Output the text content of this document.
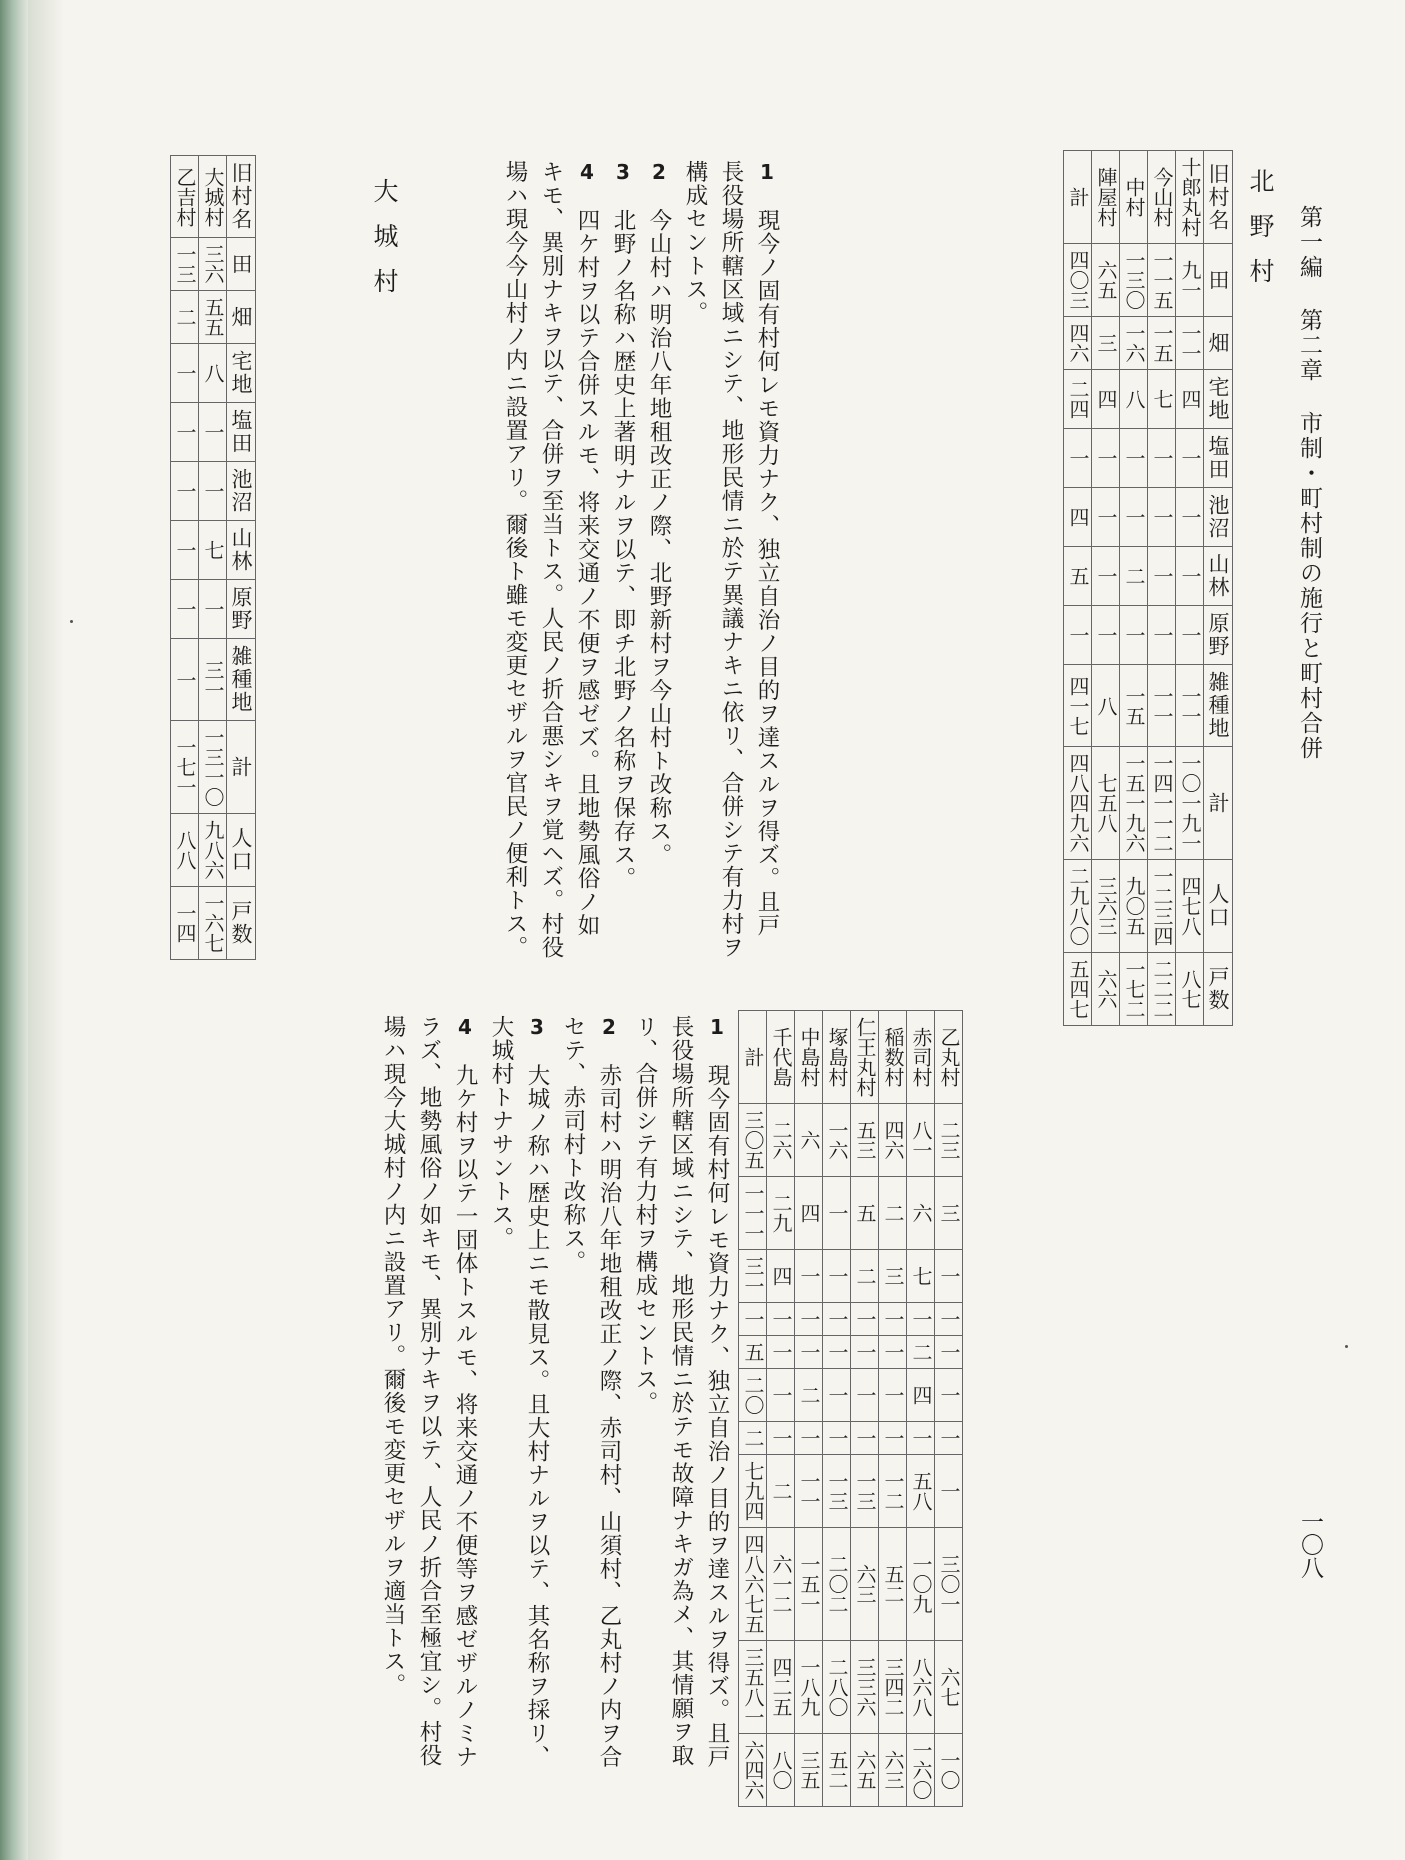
第一編 第二章 市制・町村制の施行と町村合併
一〇八
北野村
旧村名	田	畑	宅地	塩田	池沼	山林	原野	雑種地	計	人口	戸数
十郎丸村	九一	一一	四	一	一	一	一	一一	一〇一九一	四七八	八七
今山村	一一五	一五	七	一	一	一	一	一一	一四一一二	一二三四	二二二
中村	一三〇	一六	八	一	一	二	一	一五	一五一九六	九〇五	一七二
陣屋村	六五	三	四	一	一	一	一	八	七五八	三六三	六六
計	四〇三	四六	二四	一	四	五	一	四一七	四八四九六	二九八〇	五四七

1　現今ノ固有村何レモ資力ナク、独立自治ノ目的ヲ達スルヲ得ズ。且戸長役場所轄区域ニシテ、地形民情ニ於テ異議ナキニ依リ、合併シテ有力村ヲ構成セントス。

2　今山村ハ明治八年地租改正ノ際、北野新村ヲ今山村ト改称ス。

3　北野ノ名称ハ歴史上著明ナルヲ以テ、即チ北野ノ名称ヲ保存ス。

4　四ケ村ヲ以テ合併スルモ、将来交通ノ不便ヲ感ゼズ。且地勢風俗ノ如キモ、異別ナキヲ以テ、合併ヲ至当トス。人民ノ折合悪シキヲ覚ヘズ。村役場ハ現今今山村ノ内ニ設置アリ。爾後ト雖モ変更セザルヲ官民ノ便利トス。

大城村
旧村名	田	畑	宅地	塩田	池沼	山林	原野	雑種地	計	人口	戸数
大城村	三六	五五	八	一	一	七	一	三一	一三一〇	九八六	一六七
乙吉村	一三	二	一	一	一	一	一	一	一七一	八八	一四
乙丸村	二三	三	一	一	一	一	一	一	三〇一	六七	一〇
赤司村	八一	六	七	一	二	四	一	五八	一〇九	八六八	一六〇
稲数村	四六	二	三	一	一	一	一	一二	五二	三四二	六三
仁王丸村	五三	五	二	一	一	一	一	一三	六三	三三六	六五
塚島村	一六	一	一	一	一	一	一	一三	二〇二	二八〇	五二
中島村	六	四	一	一	一	二	一	一一	一五一	一八九	三五
千代島	二六	二九	四	一	一	一	一	二	六一二	四二五	八〇
計	三〇五	一一一	三一	一	五	二〇	二	七九四	四八六七五	三五八一	六四六

1　現今固有村何レモ資力ナク、独立自治ノ目的ヲ達スルヲ得ズ。且戸長役場所轄区域ニシテ、地形民情ニ於テモ故障ナキガ為メ、其情願ヲ取リ、合併シテ有力村ヲ構成セントス。

2　赤司村ハ明治八年地租改正ノ際、赤司村、山須村、乙丸村ノ内ヲ合セテ、赤司村ト改称ス。

3　大城ノ称ハ歴史上ニモ散見ス。且大村ナルヲ以テ、其名称ヲ採リ、大城村トナサントス。

4　九ケ村ヲ以テ一団体トスルモ、将来交通ノ不便等ヲ感ゼザルノミナラズ、地勢風俗ノ如キモ、異別ナキヲ以テ、人民ノ折合至極宜シ。村役場ハ現今大城村ノ内ニ設置アリ。爾後モ変更セザルヲ適当トス。
